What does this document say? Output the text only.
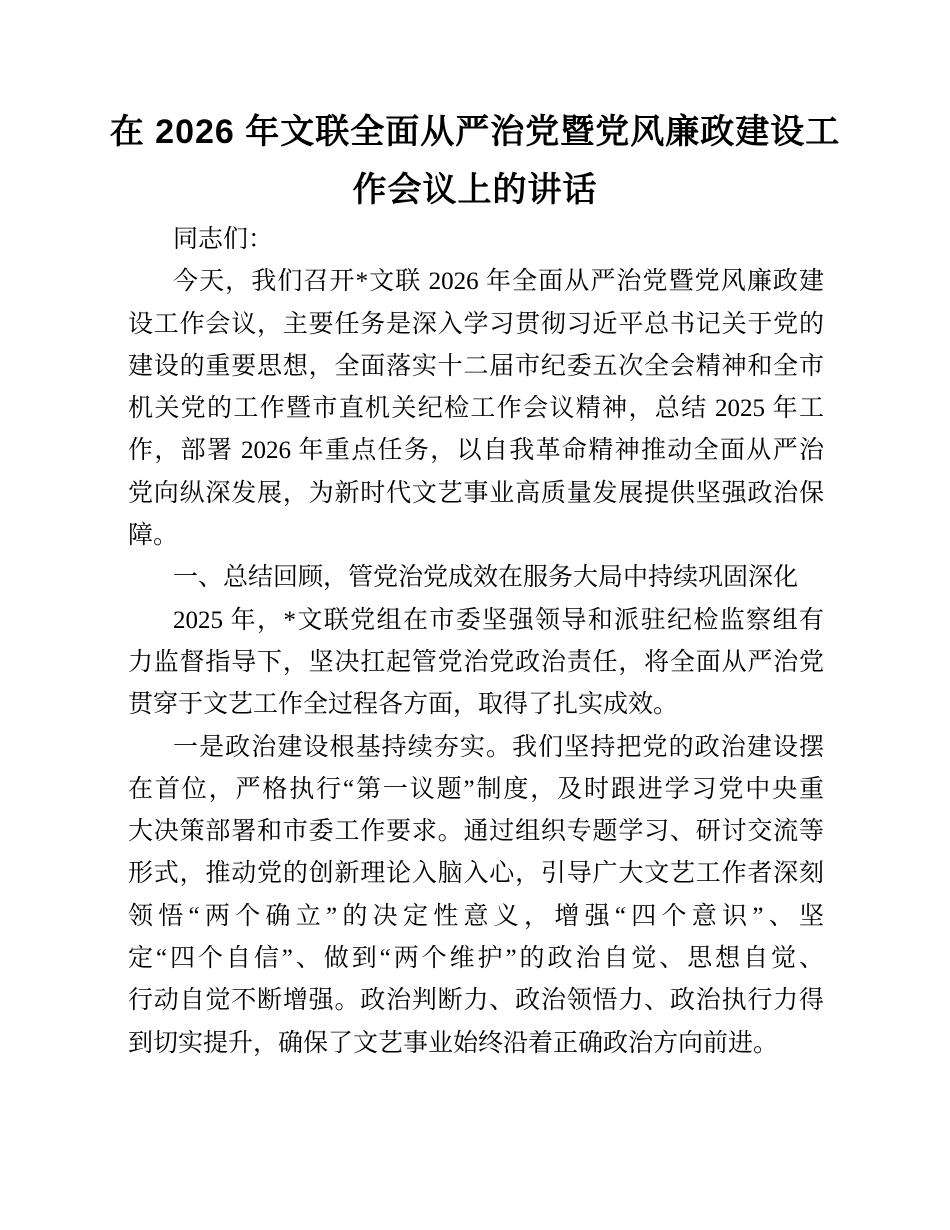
在 2026 年文联全面从严治党暨党风廉政建设工
作会议上的讲话
同志们：
今天，我们召开*文联 2026 年全面从严治党暨党风廉政建
设工作会议，主要任务是深入学习贯彻习近平总书记关于党的
建设的重要思想，全面落实十二届市纪委五次全会精神和全市
机关党的工作暨市直机关纪检工作会议精神，总结 2025 年工
作，部署 2026 年重点任务，以自我革命精神推动全面从严治
党向纵深发展，为新时代文艺事业高质量发展提供坚强政治保
障。
一、总结回顾，管党治党成效在服务大局中持续巩固深化
2025 年，*文联党组在市委坚强领导和派驻纪检监察组有
力监督指导下，坚决扛起管党治党政治责任，将全面从严治党
贯穿于文艺工作全过程各方面，取得了扎实成效。
一是政治建设根基持续夯实。我们坚持把党的政治建设摆
在首位，严格执行“第一议题”制度，及时跟进学习党中央重
大决策部署和市委工作要求。通过组织专题学习、研讨交流等
形式，推动党的创新理论入脑入心，引导广大文艺工作者深刻
领悟“两个确立”的决定性意义，增强“四个意识”、坚
定“四个自信”、做到“两个维护”的政治自觉、思想自觉、
行动自觉不断增强。政治判断力、政治领悟力、政治执行力得
到切实提升，确保了文艺事业始终沿着正确政治方向前进。
